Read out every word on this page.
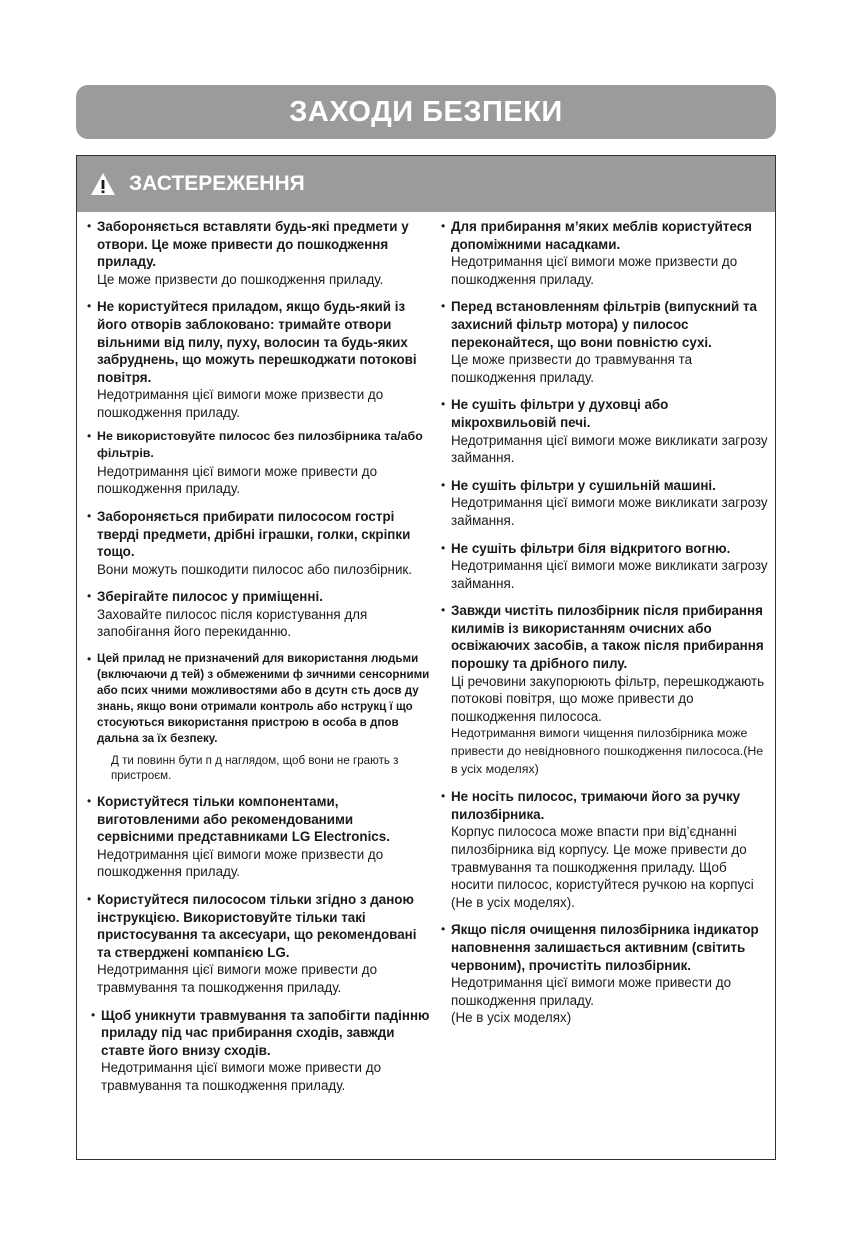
ЗАХОДИ БЕЗПЕКИ
ЗАСТЕРЕЖЕННЯ
• Забороняється вставляти будь-які предмети у отвори. Це може привести до пошкодження приладу.
Це може призвести до пошкодження приладу.
• Не користуйтеся приладом, якщо будь-який із його отворів заблоковано: тримайте отвори вільними від пилу, пуху, волосин та будь-яких забруднень, що можуть перешкоджати потокові повітря.
Недотримання цієї вимоги може призвести до пошкодження приладу.
• Не використовуйте пилосос без пилозбірника та/або фільтрів.
Недотримання цієї вимоги може привести до пошкодження приладу.
• Забороняється прибирати пилососом гострі тверді предмети, дрібні іграшки, голки, скріпки тощо.
Вони можуть пошкодити пилосос або пилозбірник.
• Зберігайте пилосос у приміщенні.
Заховайте пилосос після користування для запобігання його перекиданню.
• Цей прилад не призначений для використання людьми (включаючи д тей) з обмеженими ф зичними сенсорними або псих чними можливостями або в дсутн сть досв ду знань, якщо вони отримали контроль або нструкц ї що стосуються використання пристрою в особа в дпов дальна за їх безпеку.
Д ти повинн бути п д наглядом, щоб вони не грають з пристроєм.
• Користуйтеся тільки компонентами, виготовленими або рекомендованими сервісними представниками LG Electronics.
Недотримання цієї вимоги може призвести до пошкодження приладу.
• Користуйтеся пилососом тільки згідно з даною інструкцією. Використовуйте тільки такі пристосування та аксесуари, що рекомендовані та стверджені компанією LG.
Недотримання цієї вимоги може привести до травмування та пошкодження приладу.
• Щоб уникнути травмування та запобігти падінню приладу під час прибирання сходів, завжди ставте його внизу сходів.
Недотримання цієї вимоги може привести до травмування та пошкодження приладу.
• Для прибирання м’яких меблів користуйтеся допоміжними насадками.
Недотримання цієї вимоги може призвести до пошкодження приладу.
• Перед встановленням фільтрів (випускний та захисний фільтр мотора) у пилосос переконайтеся, що вони повністю сухі.
Це може призвести до травмування та пошкодження приладу.
• Не сушіть фільтри у духовці або мікрохвильовій печі.
Недотримання цієї вимоги може викликати загрозу займання.
• Не сушіть фільтри у сушильній машині.
Недотримання цієї вимоги може викликати загрозу займання.
• Не сушіть фільтри біля відкритого вогню.
Недотримання цієї вимоги може викликати загрозу займання.
• Завжди чистіть пилозбірник після прибирання килимів із використанням очисних або освіжаючих засобів, а також після прибирання порошку та дрібного пилу.
Ці речовини закупорюють фільтр, перешкоджають потокові повітря, що може привести до пошкодження пилососа.
Недотримання вимоги чищення пилозбірника може привести до невідновного пошкодження пилососа.(Не в усіх моделях)
• Не носіть пилосос, тримаючи його за ручку пилозбірника.
Корпус пилососа може впасти при від’єднанні пилозбірника від корпусу. Це може привести до травмування та пошкодження приладу. Щоб носити пилосос, користуйтеся ручкою на корпусі (Не в усіх моделях).
• Якщо після очищення пилозбірника індикатор наповнення залишається активним (світить червоним), прочистіть пилозбірник.
Недотримання цієї вимоги може привести до пошкодження приладу.
(Не в усіх моделях)
